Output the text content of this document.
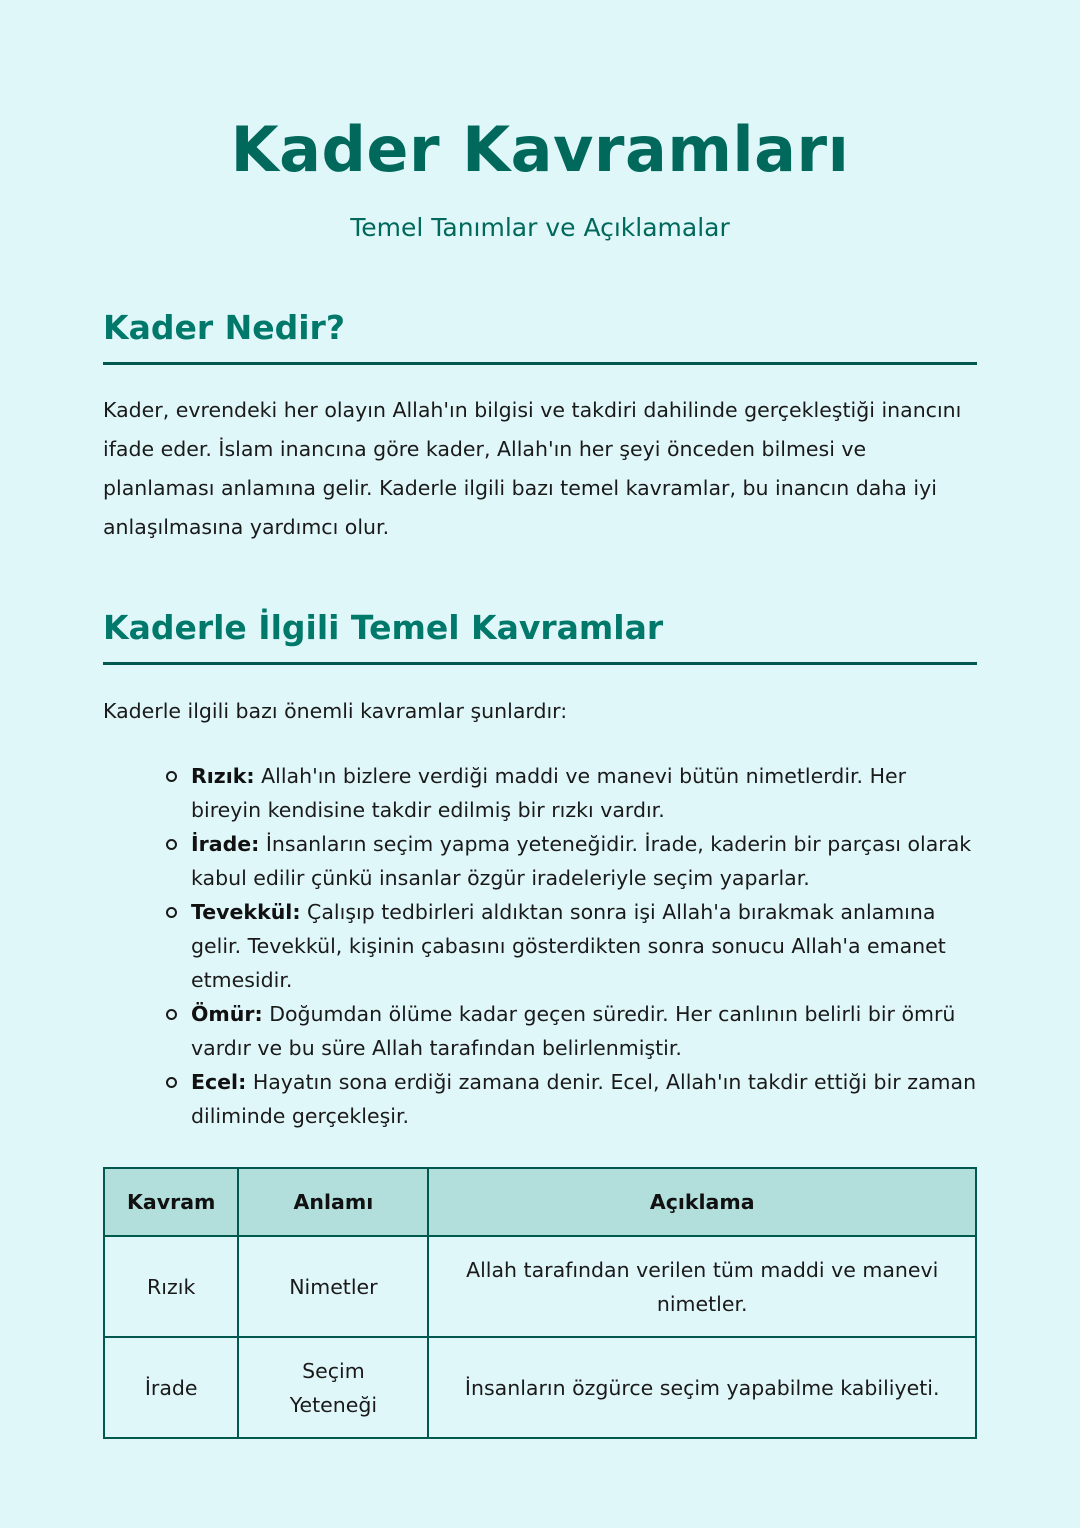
Kader Kavramları
Temel Tanımlar ve Açıklamalar
Kader Nedir?

Kader, evrendeki her olayın Allah'ın bilgisi ve takdiri dahilinde gerçekleştiği inancını ifade eder. İslam inancına göre kader, Allah'ın her şeyi önceden bilmesi ve planlaması anlamına gelir. Kaderle ilgili bazı temel kavramlar, bu inancın daha iyi anlaşılmasına yardımcı olur.

Kaderle İlgili Temel Kavramlar

Kaderle ilgili bazı önemli kavramlar şunlardır:

Rızık: Allah'ın bizlere verdiği maddi ve manevi bütün nimetlerdir. Her bireyin kendisine takdir edilmiş bir rızkı vardır.
İrade: İnsanların seçim yapma yeteneğidir. İrade, kaderin bir parçası olarak kabul edilir çünkü insanlar özgür iradeleriyle seçim yaparlar.
Tevekkül: Çalışıp tedbirleri aldıktan sonra işi Allah'a bırakmak anlamına gelir. Tevekkül, kişinin çabasını gösterdikten sonra sonucu Allah'a emanet etmesidir.
Ömür: Doğumdan ölüme kadar geçen süredir. Her canlının belirli bir ömrü vardır ve bu süre Allah tarafından belirlenmiştir.
Ecel: Hayatın sona erdiği zamana denir. Ecel, Allah'ın takdir ettiği bir zaman diliminde gerçekleşir.
Kavram	Anlamı	Açıklama
Rızık	Nimetler	Allah tarafından verilen tüm maddi ve manevi nimetler.
İrade	Seçim Yeteneği	İnsanların özgürce seçim yapabilme kabiliyeti.
